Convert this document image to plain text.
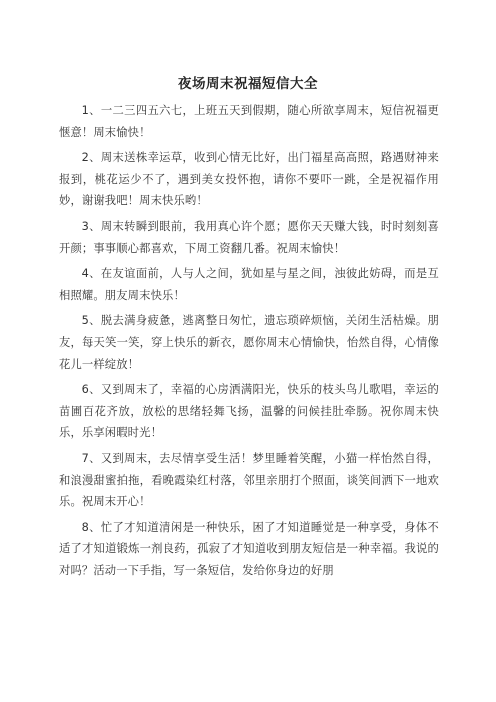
夜场周末祝福短信大全

1、一二三四五六七，上班五天到假期，随心所欲享周末，短信祝福更惬意！周末愉快！

2、周末送株幸运草，收到心情无比好，出门福星高高照，路遇财神来报到，桃花运少不了，遇到美女投怀抱，请你不要吓一跳，全是祝福作用妙，谢谢我吧！周末快乐哟！

3、周末转瞬到眼前，我用真心许个愿；愿你天天赚大钱，时时刻刻喜开颜；事事顺心都喜欢，下周工资翻几番。祝周末愉快！

4、在友谊面前，人与人之间，犹如星与星之间，浊彼此妨碍，而是互相照耀。朋友周末快乐！

5、脱去满身疲惫，逃离整日匆忙，遗忘琐碎烦恼，关闭生活枯燥。朋友，每天笑一笑，穿上快乐的新衣，愿你周末心情愉快，怡然自得，心情像花儿一样绽放！

6、又到周末了，幸福的心房洒满阳光，快乐的枝头鸟儿歌唱，幸运的苗圃百花齐放，放松的思绪轻舞飞扬，温馨的问候挂肚牵肠。祝你周末快乐，乐享闲暇时光！

7、又到周末，去尽情享受生活！梦里睡着笑醒，小猫一样怡然自得，和浪漫甜蜜拍拖，看晚霞染红村落，邻里亲朋打个照面，谈笑间洒下一地欢乐。祝周末开心！

8、忙了才知道清闲是一种快乐，困了才知道睡觉是一种享受，身体不适了才知道锻炼一剂良药，孤寂了才知道收到朋友短信是一种幸福。我说的对吗？活动一下手指，写一条短信，发给你身边的好朋
